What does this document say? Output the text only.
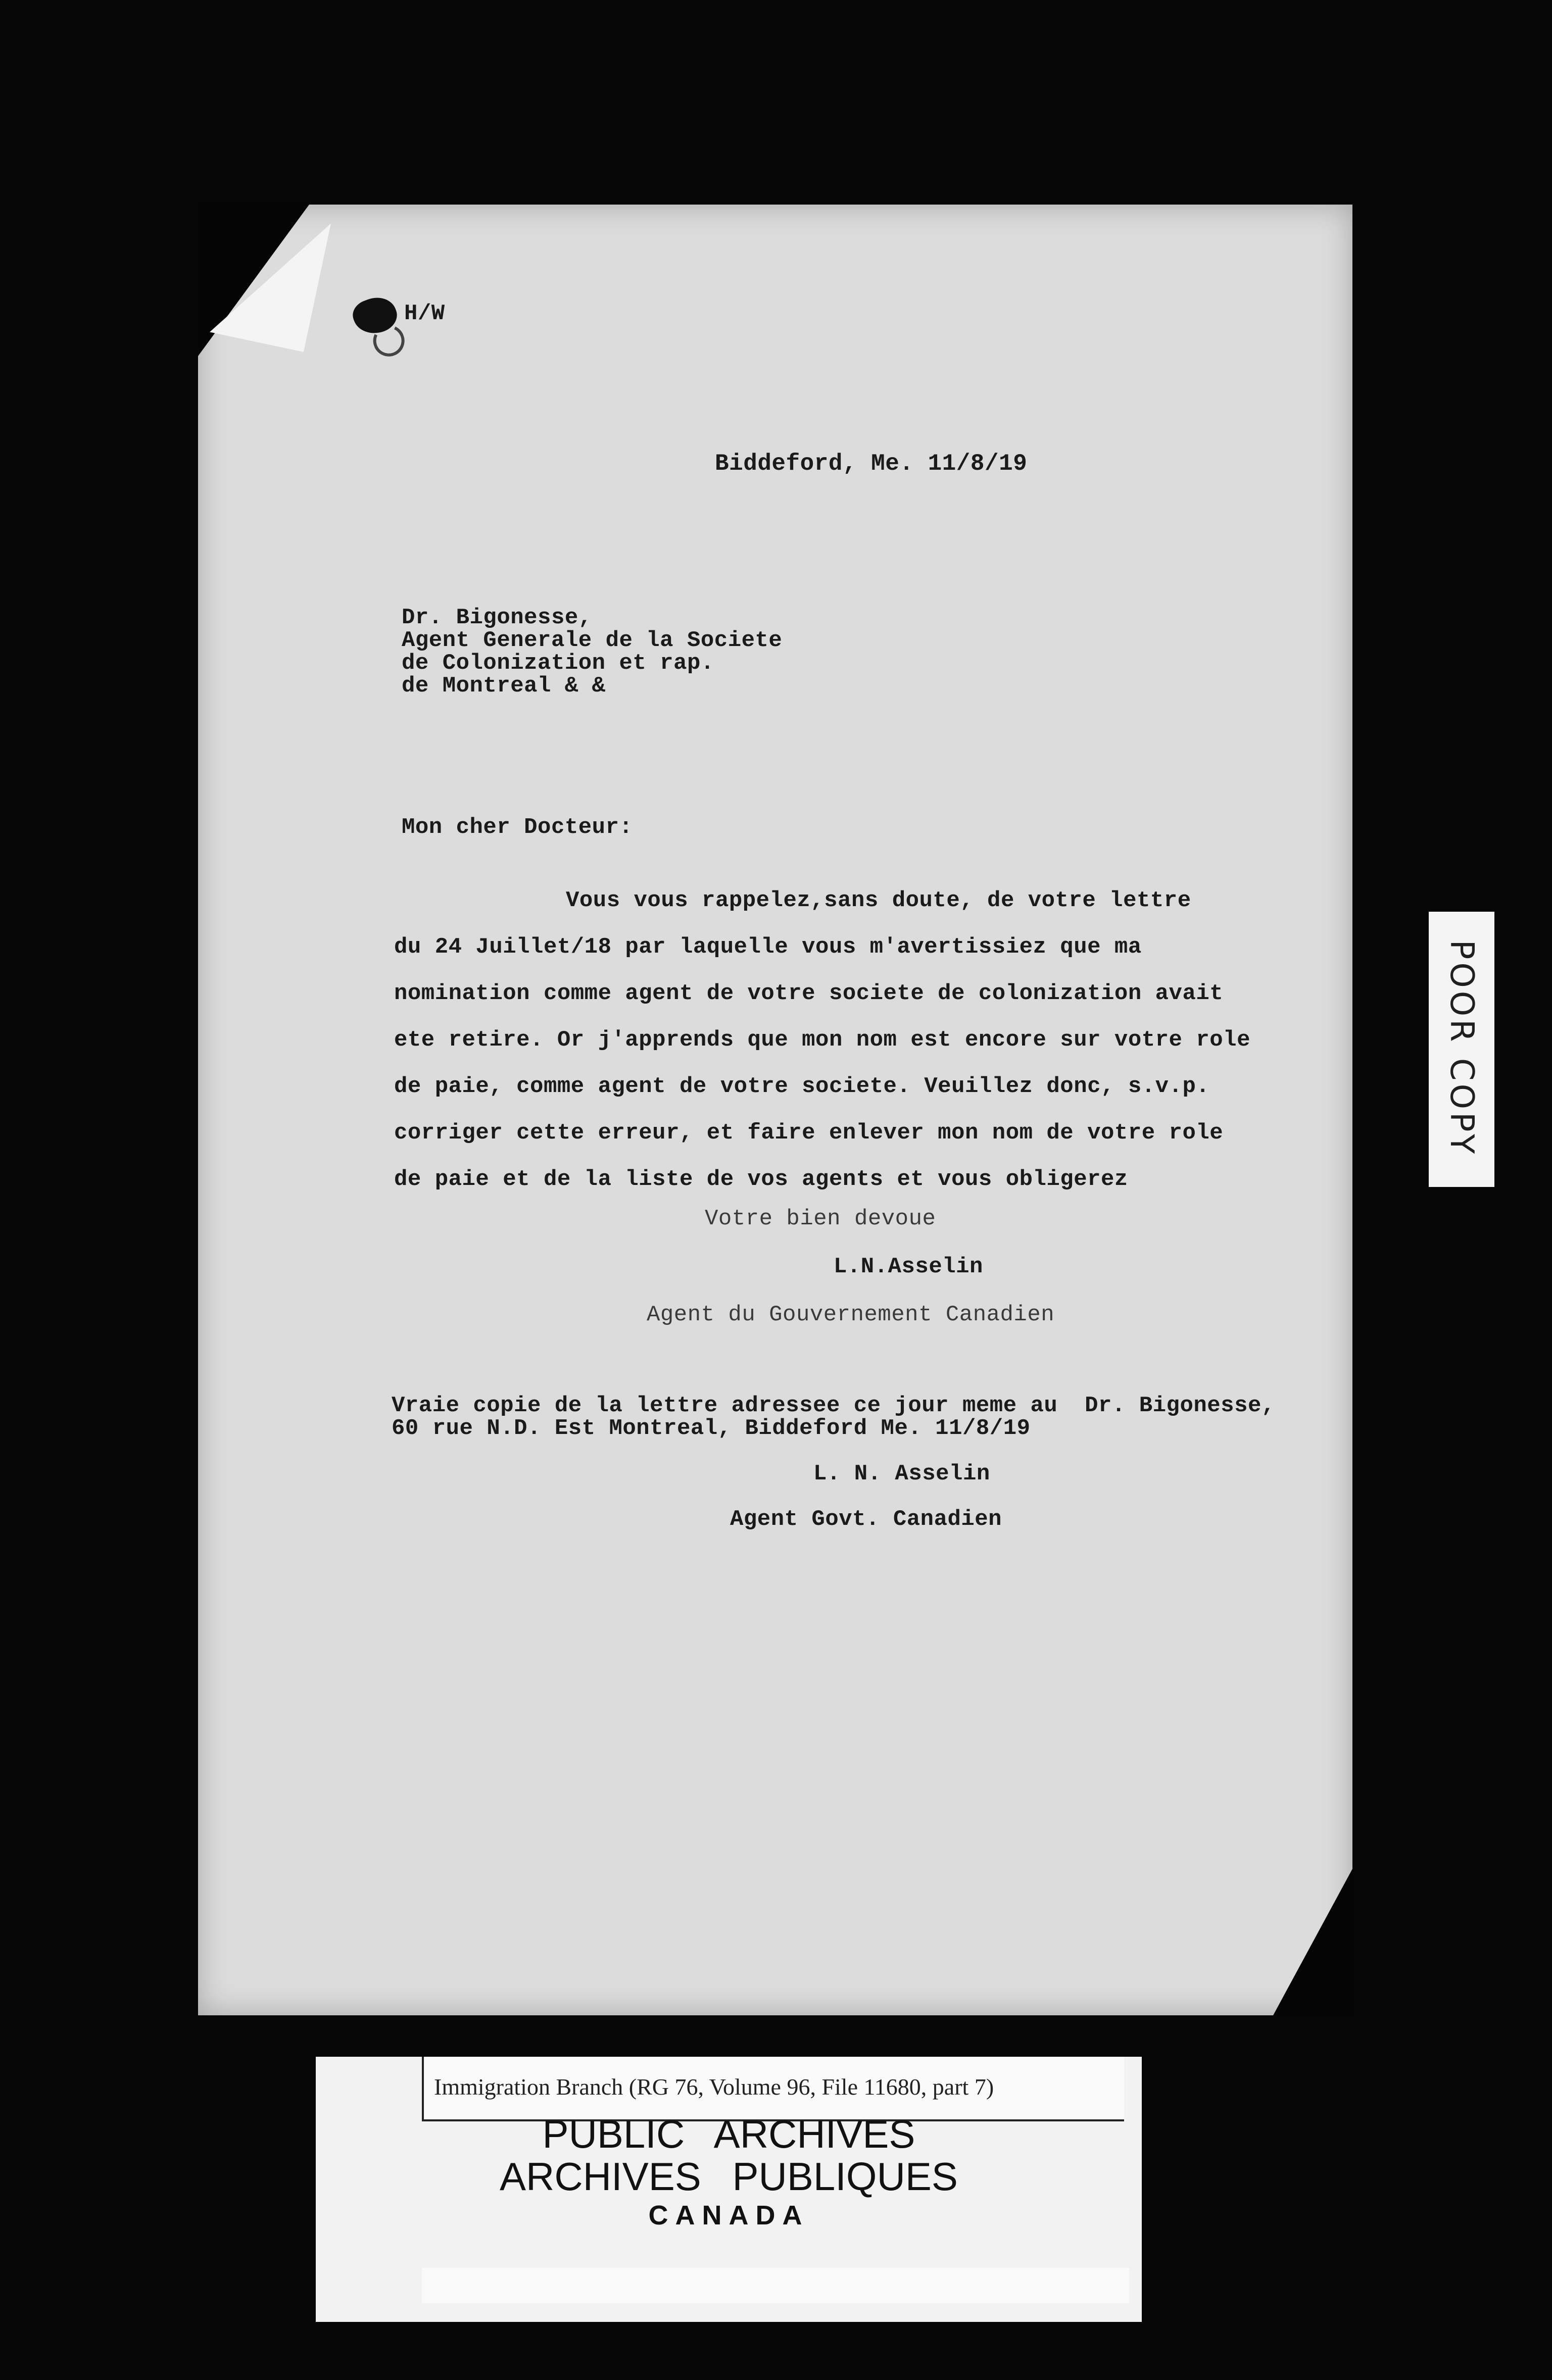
H/W
Biddeford, Me. 11/8/19
Dr. Bigonesse,
Agent Generale de la Societe
de Colonization et rap.
de Montreal & &
Mon cher Docteur:
Vous vous rappelez,sans doute, de votre lettre
du 24 Juillet/18 par laquelle vous m'avertissiez que ma
nomination comme agent de votre societe de colonization avait
ete retire. Or j'apprends que mon nom est encore sur votre role
de paie, comme agent de votre societe. Veuillez donc, s.v.p.
corriger cette erreur, et faire enlever mon nom de votre role
de paie et de la liste de vos agents et vous obligerez
Votre bien devoue
L.N.Asselin
Agent du Gouvernement Canadien
Vraie copie de la lettre adressee ce jour meme au  Dr. Bigonesse,
60 rue N.D. Est Montreal, Biddeford Me. 11/8/19
L. N. Asselin
Agent Govt. Canadien
POOR COPY
Immigration Branch (RG 76, Volume 96, File 11680, part 7)
PUBLIC ARCHIVES
ARCHIVES PUBLIQUES
CANADA
